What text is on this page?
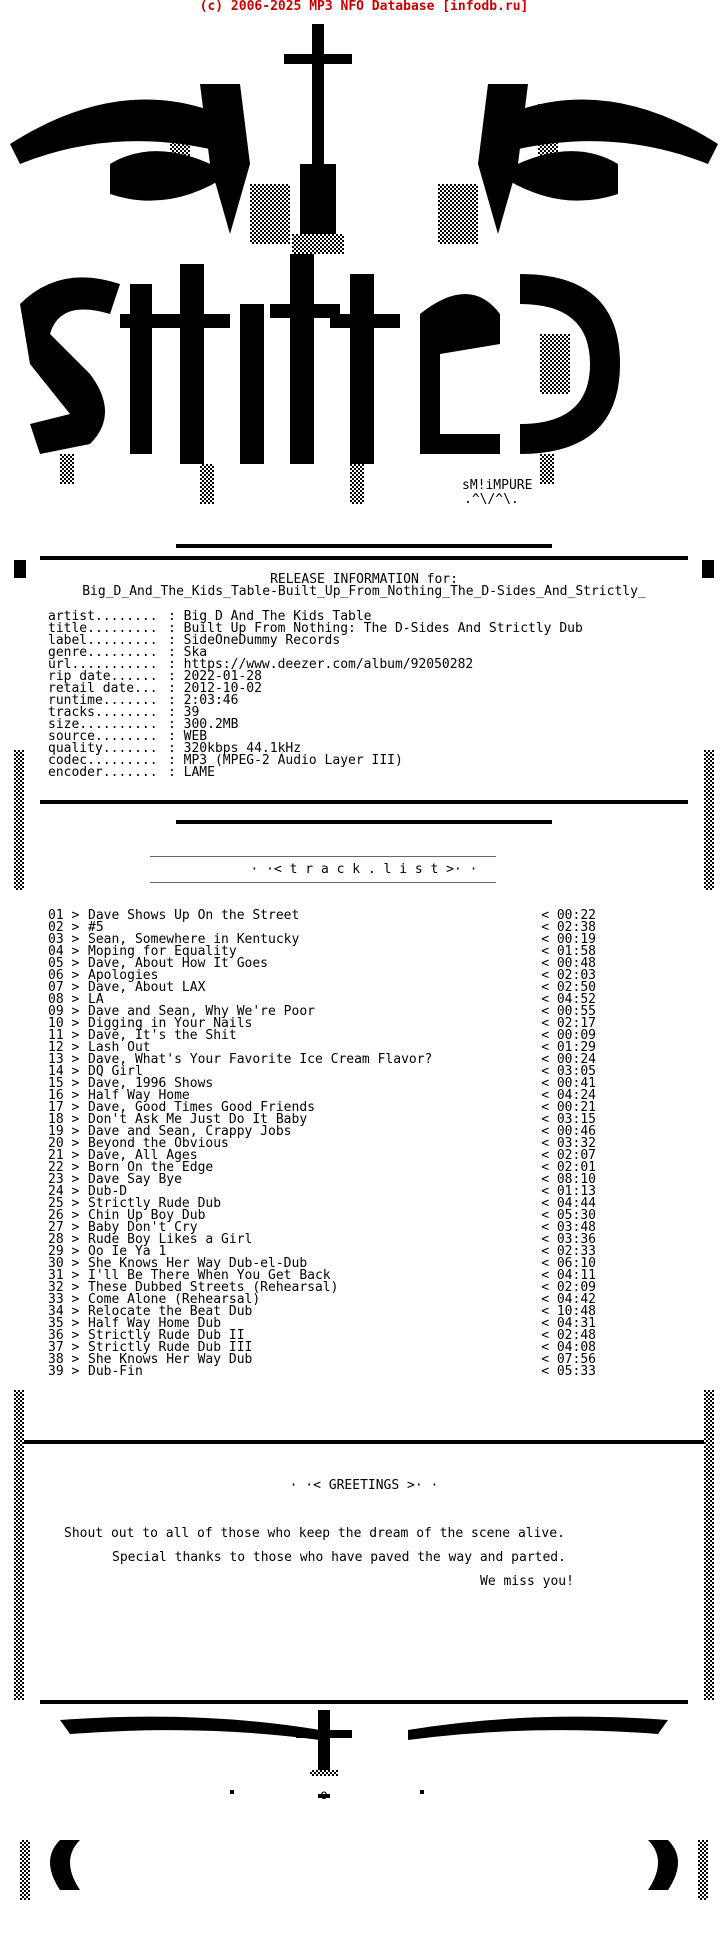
(c) 2006-2025 MP3 NFO Database [infodb.ru]
sM!iMPURE
.^\/^\.
RELEASE INFORMATION for:
Big_D_And_The_Kids_Table-Built_Up_From_Nothing_The_D-Sides_And_Strictly_
artist........ : Big D And The Kids Table
title......... : Built Up From Nothing: The D-Sides And Strictly Dub
label......... : SideOneDummy Records
genre......... : Ska
url........... : https://www.deezer.com/album/92050282
rip date...... : 2022-01-28
retail date... : 2012-10-02
runtime....... : 2:03:46
tracks........ : 39
size.......... : 300.2MB
source........ : WEB
quality....... : 320kbps 44.1kHz
codec......... : MP3 (MPEG-2 Audio Layer III)
encoder....... : LAME
· ·< t r a c k . l i s t >· ·
01 > Dave Shows Up On the Street	< 00:22
02 > #5	< 02:38
03 > Sean, Somewhere in Kentucky	< 00:19
04 > Moping for Equality	< 01:58
05 > Dave, About How It Goes	< 00:48
06 > Apologies	< 02:03
07 > Dave, About LAX	< 02:50
08 > LA	< 04:52
09 > Dave and Sean, Why We're Poor	< 00:55
10 > Digging in Your Nails	< 02:17
11 > Dave, It's the Shit	< 00:09
12 > Lash Out	< 01:29
13 > Dave, What's Your Favorite Ice Cream Flavor?	< 00:24
14 > DQ Girl	< 03:05
15 > Dave, 1996 Shows	< 00:41
16 > Half Way Home	< 04:24
17 > Dave, Good Times Good Friends	< 00:21
18 > Don't Ask Me Just Do It Baby	< 03:15
19 > Dave and Sean, Crappy Jobs	< 00:46
20 > Beyond the Obvious	< 03:32
21 > Dave, All Ages	< 02:07
22 > Born On the Edge	< 02:01
23 > Dave Say Bye	< 08:10
24 > Dub-D	< 01:13
25 > Strictly Rude Dub	< 04:44
26 > Chin Up Boy Dub	< 05:30
27 > Baby Don't Cry	< 03:48
28 > Rude Boy Likes a Girl	< 03:36
29 > Oo Ie Ya 1	< 02:33
30 > She Knows Her Way Dub-el-Dub	< 06:10
31 > I'll Be There When You Get Back	< 04:11
32 > These Dubbed Streets (Rehearsal)	< 02:09
33 > Come Alone (Rehearsal)	< 04:42
34 > Relocate the Beat Dub	< 10:48
35 > Half Way Home Dub	< 04:31
36 > Strictly Rude Dub II	< 02:48
37 > Strictly Rude Dub III	< 04:08
38 > She Knows Her Way Dub	< 07:56
39 > Dub-Fin	< 05:33
· ·< GREETINGS >· ·
Shout out to all of those who keep the dream of the scene alive.
Special thanks to those who have paved the way and parted.
We miss you!
o
